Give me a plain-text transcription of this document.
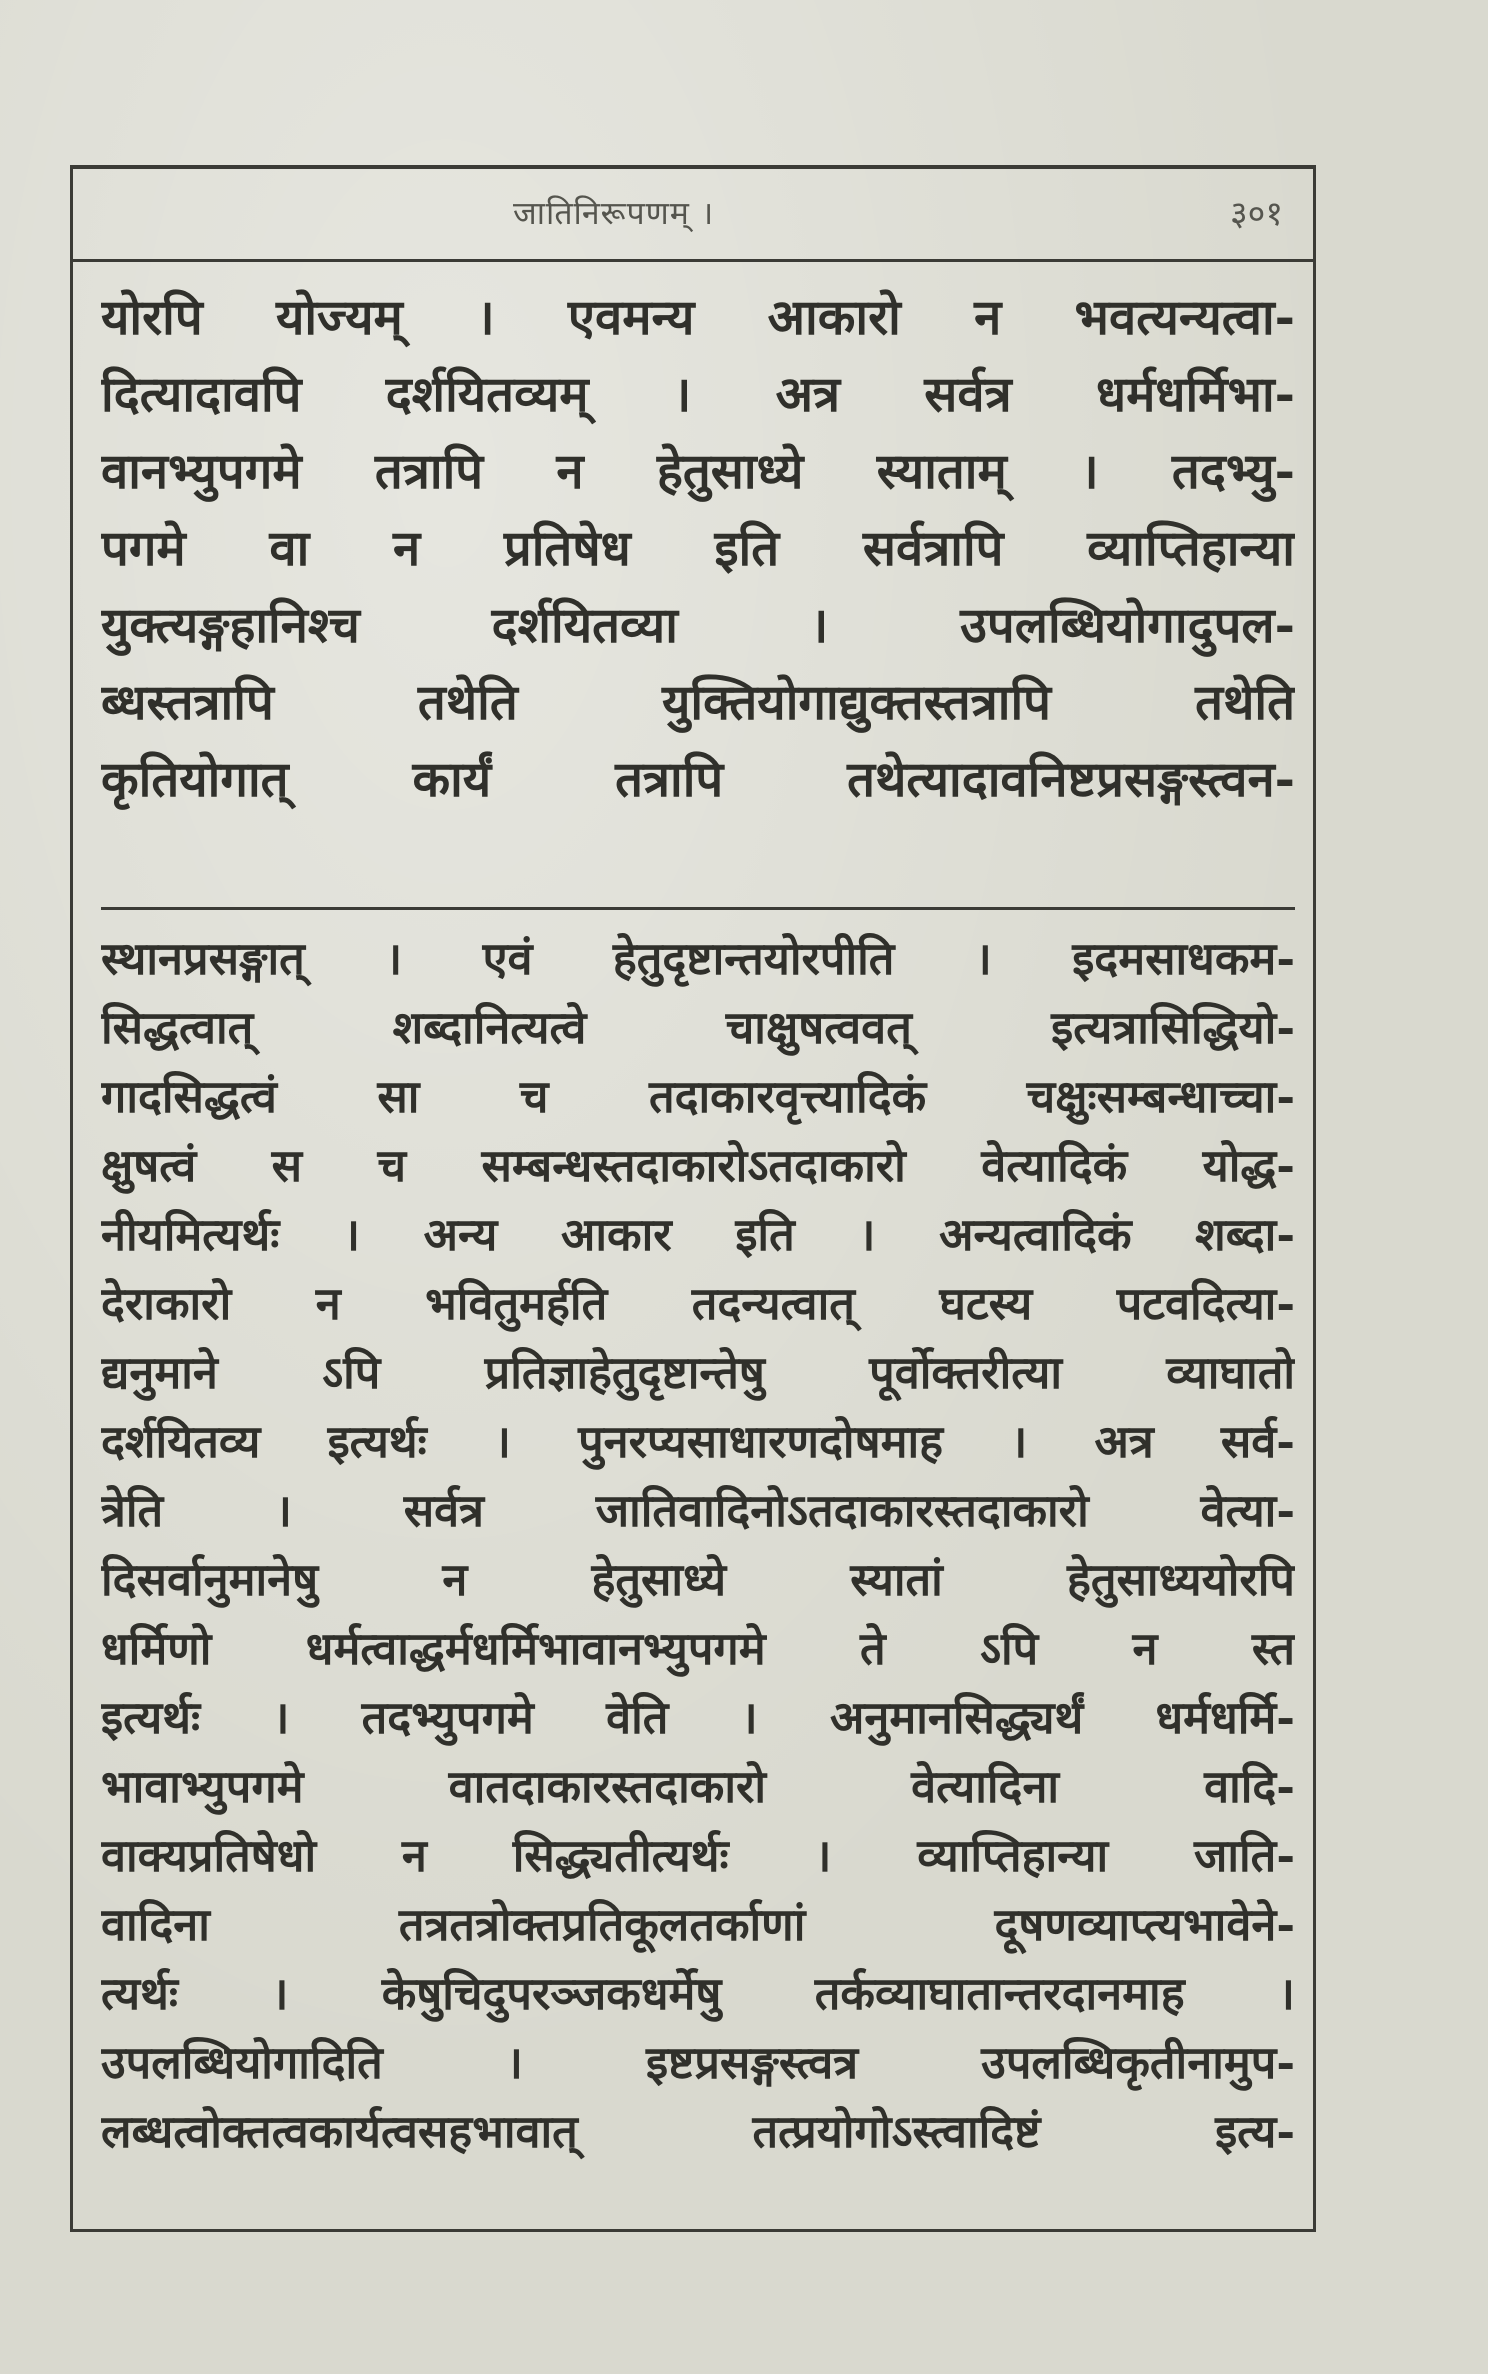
जातिनिरूपणम् ।	३०१
योरपि योज्यम् । एवमन्य आकारो न भवत्यन्यत्वा-
दित्यादावपि दर्शयितव्यम् । अत्र सर्वत्र धर्मधर्मिभा-
वानभ्युपगमे तत्रापि न हेतुसाध्ये स्याताम् । तदभ्यु-
पगमे वा न प्रतिषेध इति सर्वत्रापि व्याप्तिहान्या
युक्त्यङ्गहानिश्च दर्शयितव्या । उपलब्धियोगादुपल-
ब्धस्तत्रापि तथेति युक्तियोगाद्युक्तस्तत्रापि तथेति
कृतियोगात् कार्यं तत्रापि तथेत्यादावनिष्टप्रसङ्गस्त्वन-
स्थानप्रसङ्गात् । एवं हेतुदृष्टान्तयोरपीति । इदमसाधकम-
सिद्धत्वात् शब्दानित्यत्वे चाक्षुषत्ववत् इत्यत्रासिद्धियो-
गादसिद्धत्वं सा च तदाकारवृत्त्यादिकं चक्षुःसम्बन्धाच्चा-
क्षुषत्वं स च सम्बन्धस्तदाकारोऽतदाकारो वेत्यादिकं योद्ध-
नीयमित्यर्थः । अन्य आकार इति । अन्यत्वादिकं शब्दा-
देराकारो न भवितुमर्हति तदन्यत्वात् घटस्य पटवदित्या-
द्यनुमाने ऽपि प्रतिज्ञाहेतुदृष्टान्तेषु पूर्वोक्तरीत्या व्याघातो
दर्शयितव्य इत्यर्थः । पुनरप्यसाधारणदोषमाह । अत्र सर्व-
त्रेति । सर्वत्र जातिवादिनोऽतदाकारस्तदाकारो वेत्या-
दिसर्वानुमानेषु न हेतुसाध्ये स्यातां हेतुसाध्ययोरपि
धर्मिणो धर्मत्वाद्धर्मधर्मिभावानभ्युपगमे ते ऽपि न स्त
इत्यर्थः । तदभ्युपगमे वेति । अनुमानसिद्ध्यर्थं धर्मधर्मि-
भावाभ्युपगमे वातदाकारस्तदाकारो वेत्यादिना वादि-
वाक्यप्रतिषेधो न सिद्ध्यतीत्यर्थः । व्याप्तिहान्या जाति-
वादिना तत्रतत्रोक्तप्रतिकूलतर्काणां दूषणव्याप्त्यभावेने-
त्यर्थः । केषुचिदुपरञ्जकधर्मेषु तर्कव्याघातान्तरदानमाह ।
उपलब्धियोगादिति । इष्टप्रसङ्गस्त्वत्र उपलब्धिकृतीनामुप-
लब्धत्वोक्तत्वकार्यत्वसहभावात् तत्प्रयोगोऽस्त्वादिष्टं इत्य-
